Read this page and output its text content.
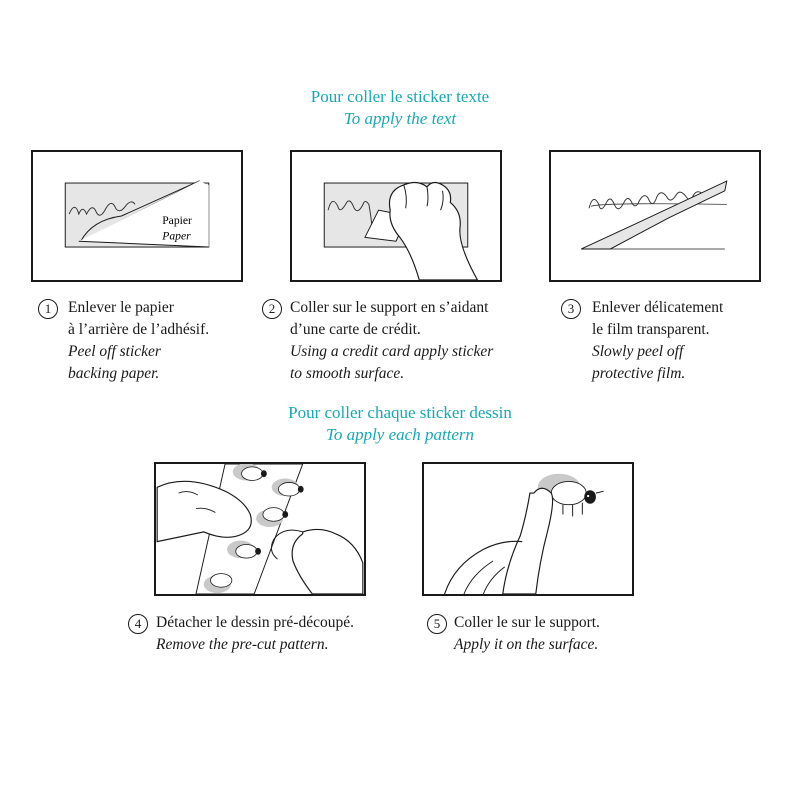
Pour coller le sticker texte
To apply the text
Papier
Paper
1	Enlever le papier
à l’arrière de l’adhésif.
Peel off sticker
backing paper.
2 Coller sur le support en s’aidant
d’une carte de crédit.
Using a credit card apply sticker
to smooth surface.
3	Enlever délicatement
le film transparent.
Slowly peel off
protective film.
Pour coller chaque sticker dessin
To apply each pattern
4 Détacher le dessin pré-découpé.
Remove the pre-cut pattern.
5 Coller le sur le support.
Apply it on the surface.
